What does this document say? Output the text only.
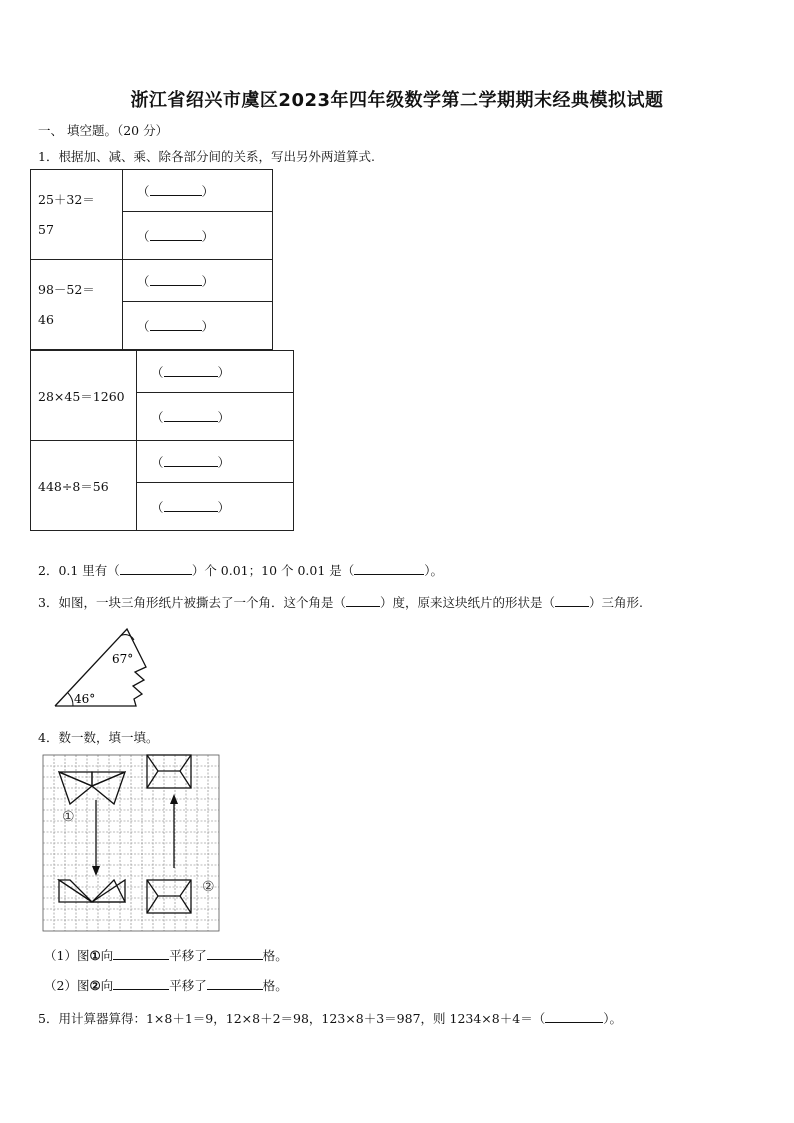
浙江省绍兴市虞区2023年四年级数学第二学期期末经典模拟试题
一、 填空题。（20 分）
1．根据加、减、乘、除各部分间的关系，写出另外两道算式.
25＋32＝
57	（ ）
	（ ）

98－52＝
46	（ ）
	（ ）
28×45＝1260	（ ）
	（ ）

448÷8＝56	（ ）
	（ ）
2．0.1 里有（	）个 0.01；10 个 0.01 是（	）。
3．如图，一块三角形纸片被撕去了一个角．这个角是（	）度，原来这块纸片的形状是（	）三角形.
67°
46°
4．数一数，填一填。
①
②
（1）图①向	平移了	格。
（2）图②向	平移了	格。
5．用计算器算得：1×8＋1＝9，12×8＋2＝98，123×8＋3＝987，则 1234×8＋4＝（	）。
